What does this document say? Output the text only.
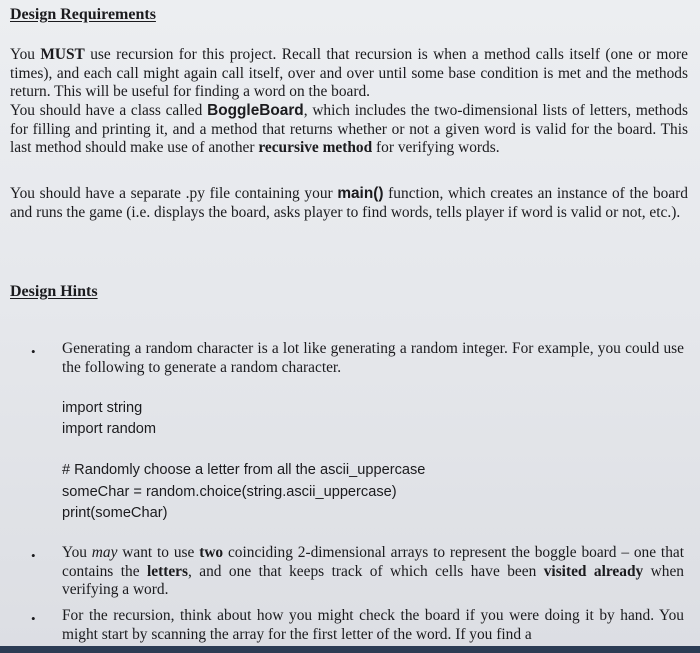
Design Requirements

You MUST use recursion for this project. Recall that recursion is when a method calls itself (one or more times), and each call might again call itself, over and over until some base condition is met and the methods return. This will be useful for finding a word on the board.

You should have a class called BoggleBoard, which includes the two-dimensional lists of letters, methods for filling and printing it, and a method that returns whether or not a given word is valid for the board. This last method should make use of another recursive method for verifying words.

You should have a separate .py file containing your main() function, which creates an instance of the board and runs the game (i.e. displays the board, asks player to find words, tells player if word is valid or not, etc.).

Design Hints
• Generating a random character is a lot like generating a random integer. For example, you could use the following to generate a random character.

import string

import random

# Randomly choose a letter from all the ascii_uppercase

someChar = random.choice(string.ascii_uppercase)

print(someChar)

• You may want to use two coinciding 2-dimensional arrays to represent the boggle board – one that contains the letters, and one that keeps track of which cells have been visited already when verifying a word.

• For the recursion, think about how you might check the board if you were doing it by hand. You might start by scanning the array for the first letter of the word. If you find a
